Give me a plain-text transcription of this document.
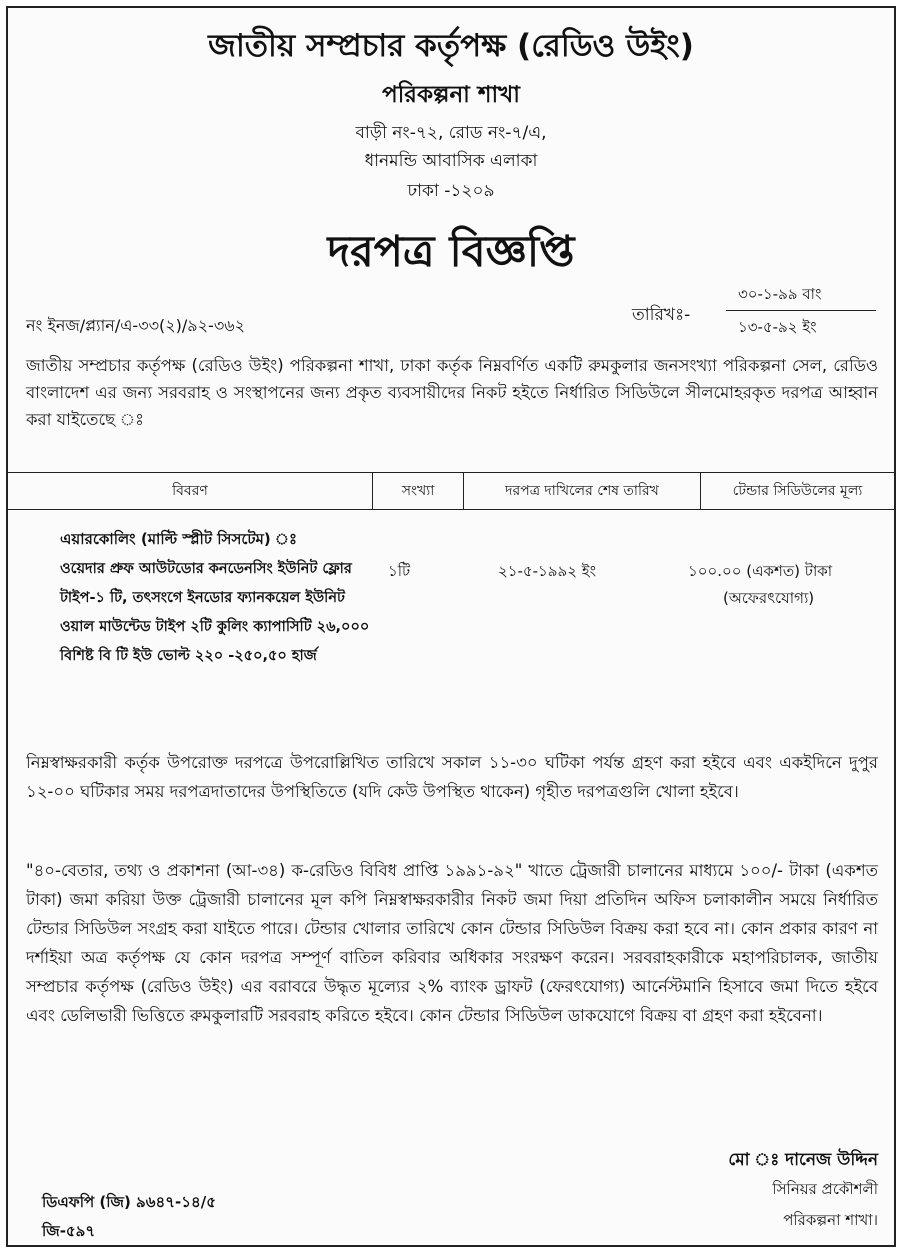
জাতীয় সম্প্রচার কর্তৃপক্ষ (রেডিও উইং)
পরিকল্পনা শাখা
বাড়ী নং-৭২, রোড নং-৭/এ,
ধানমন্ডি আবাসিক এলাকা
ঢাকা -১২০৯
দরপত্র বিজ্ঞপ্তি
নং ইনজ/প্ল্যান/এ-৩৩(২)/৯২-৩৬২
তারিখঃ-
৩০-১-৯৯ বাং
১৩-৫-৯২ ইং
জাতীয় সম্প্রচার কর্তৃপক্ষ (রেডিও উইং) পরিকল্পনা শাখা, ঢাকা কর্তৃক নিম্নবর্ণিত একটি রুমকুলার জনসংখ্যা পরিকল্পনা সেল, রেডিও বাংলাদেশ এর জন্য সরবরাহ ও সংস্থাপনের জন্য প্রকৃত ব্যবসায়ীদের নিকট হইতে নির্ধারিত সিডিউলে সীলমোহরকৃত দরপত্র আহ্বান করা যাইতেছে ঃ
বিবরণ	সংখ্যা	দরপত্র দাখিলের শেষ তারিখ	টেন্ডার সিডিউলের মূল্য
এয়ারকোলিং (মাল্টি স্প্লীট সিসটেম) ঃ
ওয়েদার প্রুফ আউটডোর কনডেনসিং ইউনিট ফ্লোর টাইপ-১ টি, তৎসংগে ইনডোর ফ্যানকয়েল ইউনিট ওয়াল মাউন্টেড টাইপ ২টি কুলিং ক্যাপাসিটি ২৬,০০০ বিশিষ্ট বি টি ইউ ভোল্ট ২২০ -২৫০,৫০ হার্জ
১টি	২১-৫-১৯৯২ ইং	১০০.০০ (একশত) টাকা
(অফেরৎযোগ্য)
নিম্নস্বাক্ষরকারী কর্তৃক উপরোক্ত দরপত্রে উপরোল্লিখিত তারিখে সকাল ১১-৩০ ঘটিকা পর্যন্ত গ্রহণ করা হইবে এবং একইদিনে দুপুর ১২-০০ ঘটিকার সময় দরপত্রদাতাদের উপস্থিতিতে (যদি কেউ উপস্থিত থাকেন) গৃহীত দরপত্রগুলি খোলা হইবে।
"৪০-বেতার, তথ্য ও প্রকাশনা (আ-৩৪) ক-রেডিও বিবিধ প্রাপ্তি ১৯৯১-৯২" খাতে ট্রেজারী চালানের মাধ্যমে ১০০/- টাকা (একশত টাকা) জমা করিয়া উক্ত ট্রেজারী চালানের মূল কপি নিম্নস্বাক্ষরকারীর নিকট জমা দিয়া প্রতিদিন অফিস চলাকালীন সময়ে নির্ধারিত টেন্ডার সিডিউল সংগ্রহ করা যাইতে পারে। টেন্ডার খোলার তারিখে কোন টেন্ডার সিডিউল বিক্রয় করা হবে না। কোন প্রকার কারণ না দর্শাইয়া অত্র কর্তৃপক্ষ যে কোন দরপত্র সম্পূর্ণ বাতিল করিবার অধিকার সংরক্ষণ করেন। সরবরাহকারীকে মহাপরিচালক, জাতীয় সম্প্রচার কর্তৃপক্ষ (রেডিও উইং) এর বরাবরে উদ্ধৃত মূল্যের ২% ব্যাংক ড্রাফট (ফেরৎযোগ্য) আর্নেস্টমানি হিসাবে জমা দিতে হইবে এবং ডেলিভারী ভিত্তিতে রুমকুলারটি সরবরাহ করিতে হইবে। কোন টেন্ডার সিডিউল ডাকযোগে বিক্রয় বা গ্রহণ করা হইবেনা।
মো ঃ দানেজ উদ্দিন
সিনিয়র প্রকৌশলী
পরিকল্পনা শাখা।
ডিএফপি (জি) ৯৬৪৭-১৪/৫
জি-৫৯৭
